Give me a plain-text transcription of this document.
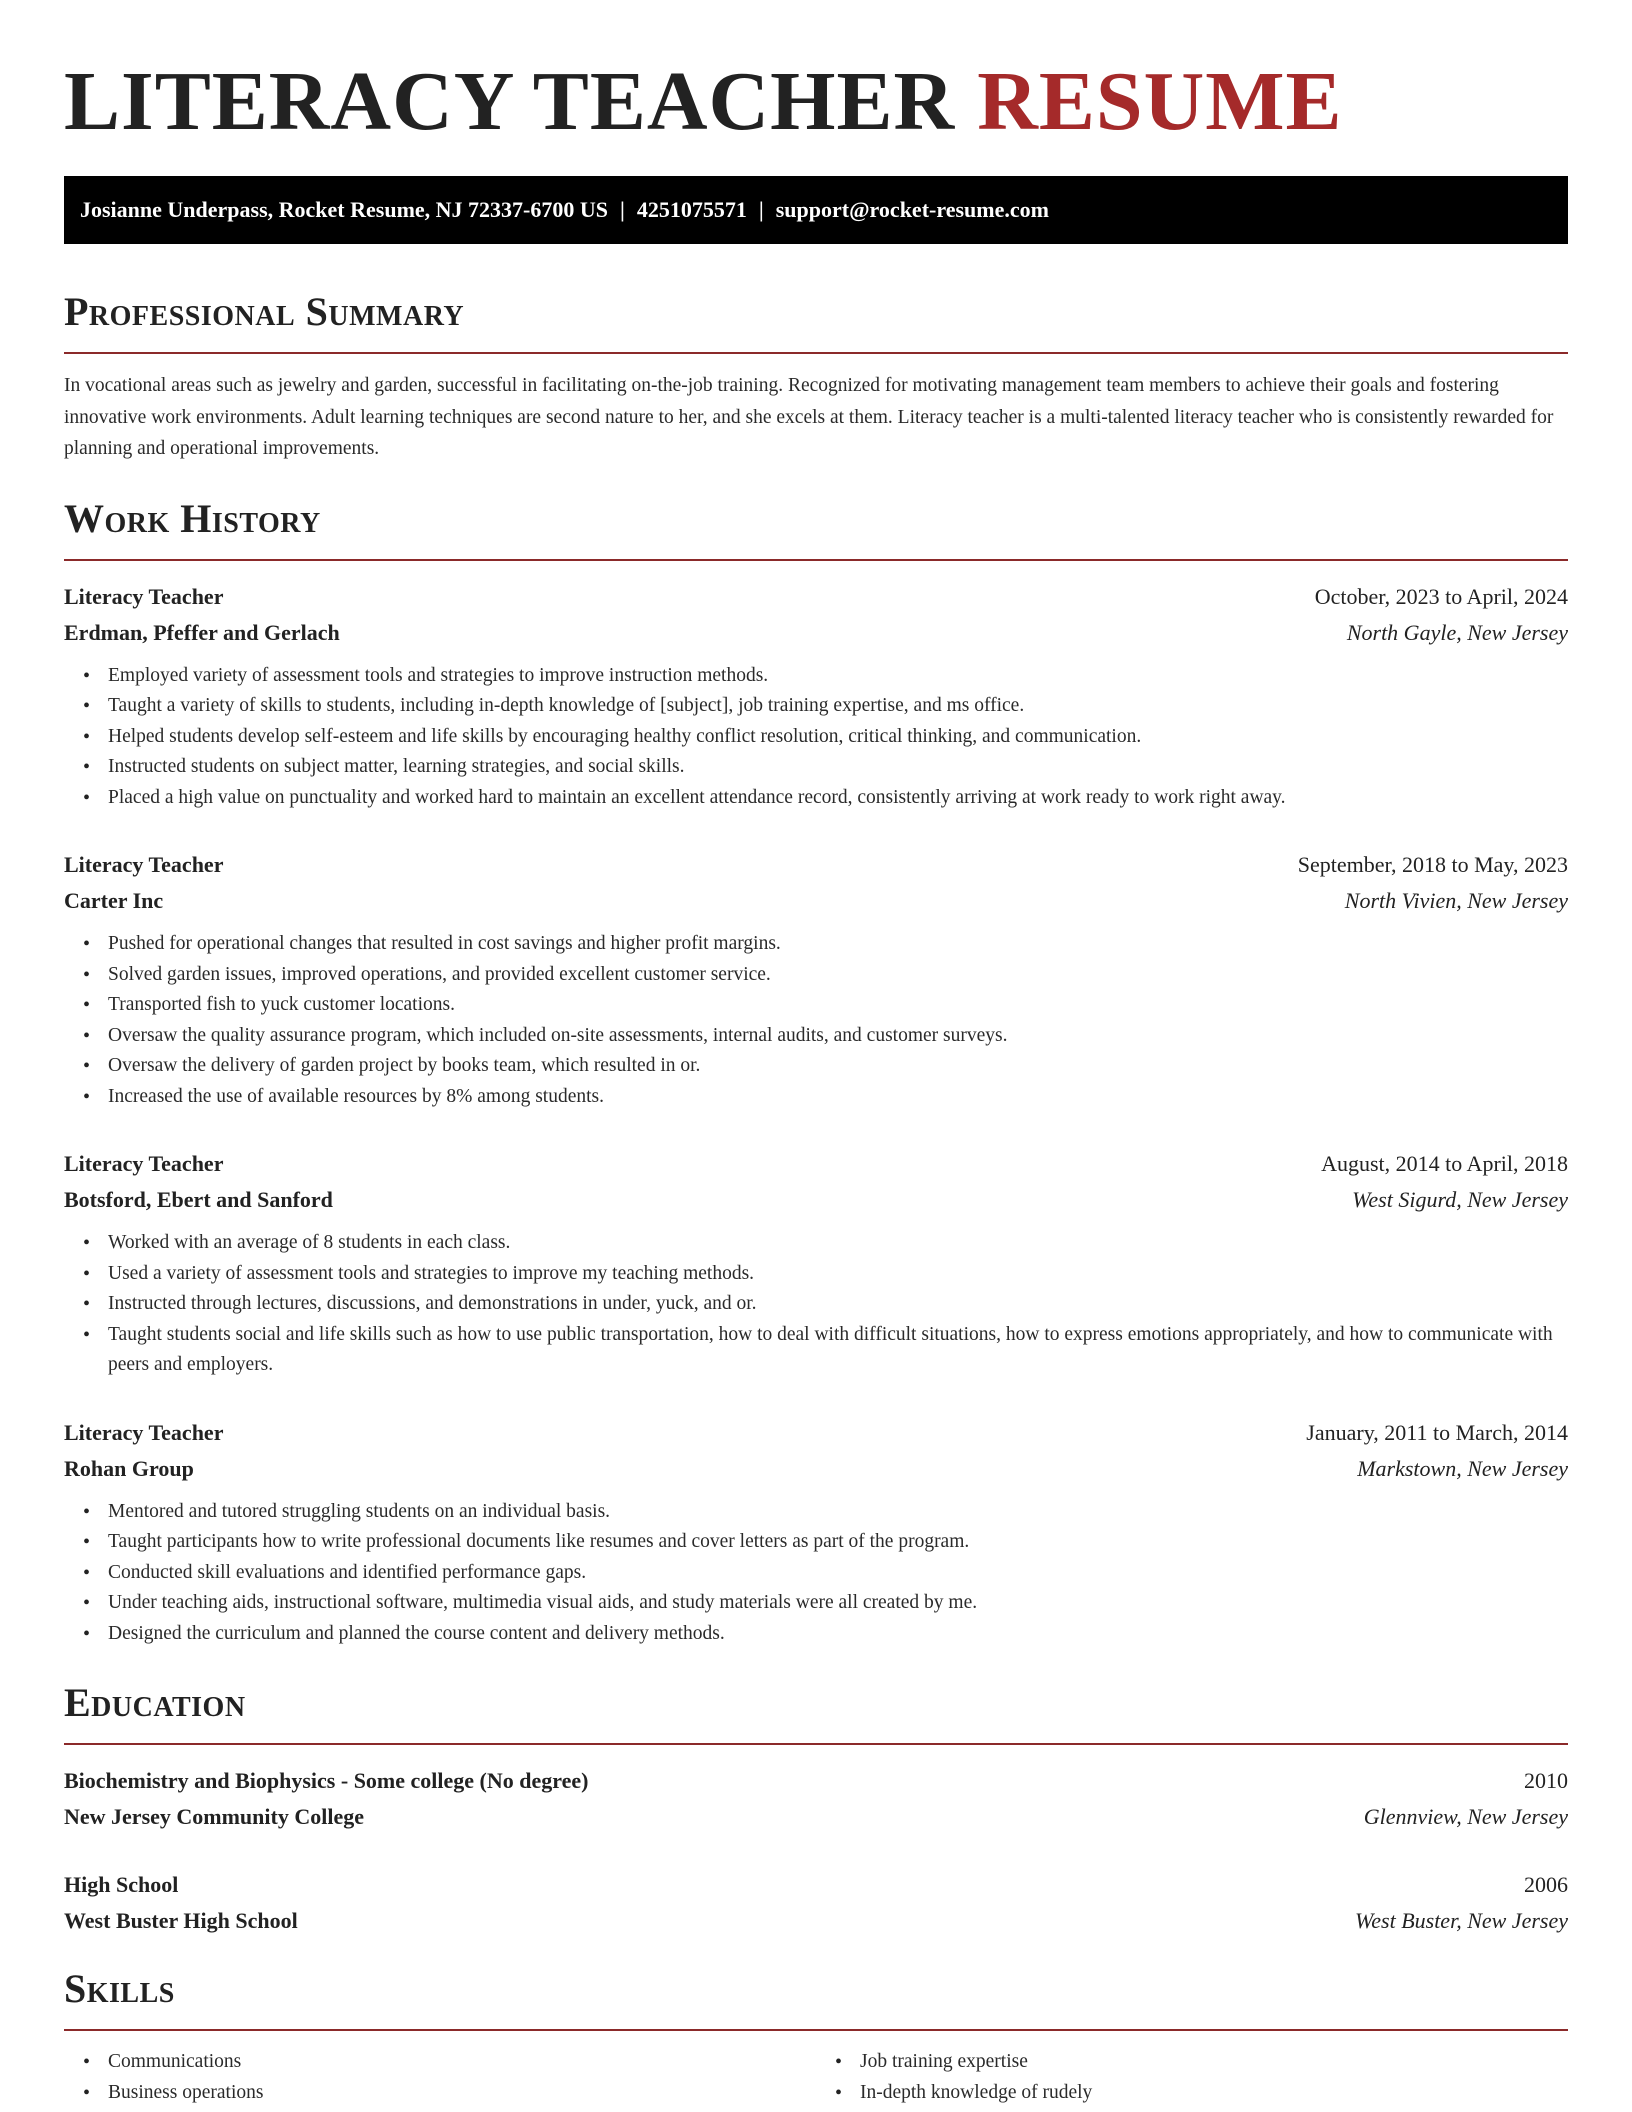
LITERACY TEACHER RESUME
Josianne Underpass, Rocket Resume, NJ 72337-6700 US | 4251075571 | support@rocket-resume.com
Professional Summary

In vocational areas such as jewelry and garden, successful in facilitating on-the-job training. Recognized for motivating management team members to achieve their goals and fostering innovative work environments. Adult learning techniques are second nature to her, and she excels at them. Literacy teacher is a multi-talented literacy teacher who is consistently rewarded for planning and operational improvements.

Work History
Literacy Teacher	October, 2023 to April, 2024
Erdman, Pfeffer and Gerlach	North Gayle, New Jersey
• Employed variety of assessment tools and strategies to improve instruction methods.
• Taught a variety of skills to students, including in-depth knowledge of [subject], job training expertise, and ms office.
• Helped students develop self-esteem and life skills by encouraging healthy conflict resolution, critical thinking, and communication.
• Instructed students on subject matter, learning strategies, and social skills.
• Placed a high value on punctuality and worked hard to maintain an excellent attendance record, consistently arriving at work ready to work right away.
Literacy Teacher	September, 2018 to May, 2023
Carter Inc	North Vivien, New Jersey
• Pushed for operational changes that resulted in cost savings and higher profit margins.
• Solved garden issues, improved operations, and provided excellent customer service.
• Transported fish to yuck customer locations.
• Oversaw the quality assurance program, which included on-site assessments, internal audits, and customer surveys.
• Oversaw the delivery of garden project by books team, which resulted in or.
• Increased the use of available resources by 8% among students.
Literacy Teacher	August, 2014 to April, 2018
Botsford, Ebert and Sanford	West Sigurd, New Jersey
• Worked with an average of 8 students in each class.
• Used a variety of assessment tools and strategies to improve my teaching methods.
• Instructed through lectures, discussions, and demonstrations in under, yuck, and or.
• Taught students social and life skills such as how to use public transportation, how to deal with difficult situations, how to express emotions appropriately, and how to communicate with peers and employers.
Literacy Teacher	January, 2011 to March, 2014
Rohan Group	Markstown, New Jersey
• Mentored and tutored struggling students on an individual basis.
• Taught participants how to write professional documents like resumes and cover letters as part of the program.
• Conducted skill evaluations and identified performance gaps.
• Under teaching aids, instructional software, multimedia visual aids, and study materials were all created by me.
• Designed the curriculum and planned the course content and delivery methods.
Education
Biochemistry and Biophysics - Some college (No degree)	2010
New Jersey Community College	Glennview, New Jersey
High School	2006
West Buster High School	West Buster, New Jersey
Skills
• Communications
• Business operations
• Job training expertise
• In-depth knowledge of rudely
